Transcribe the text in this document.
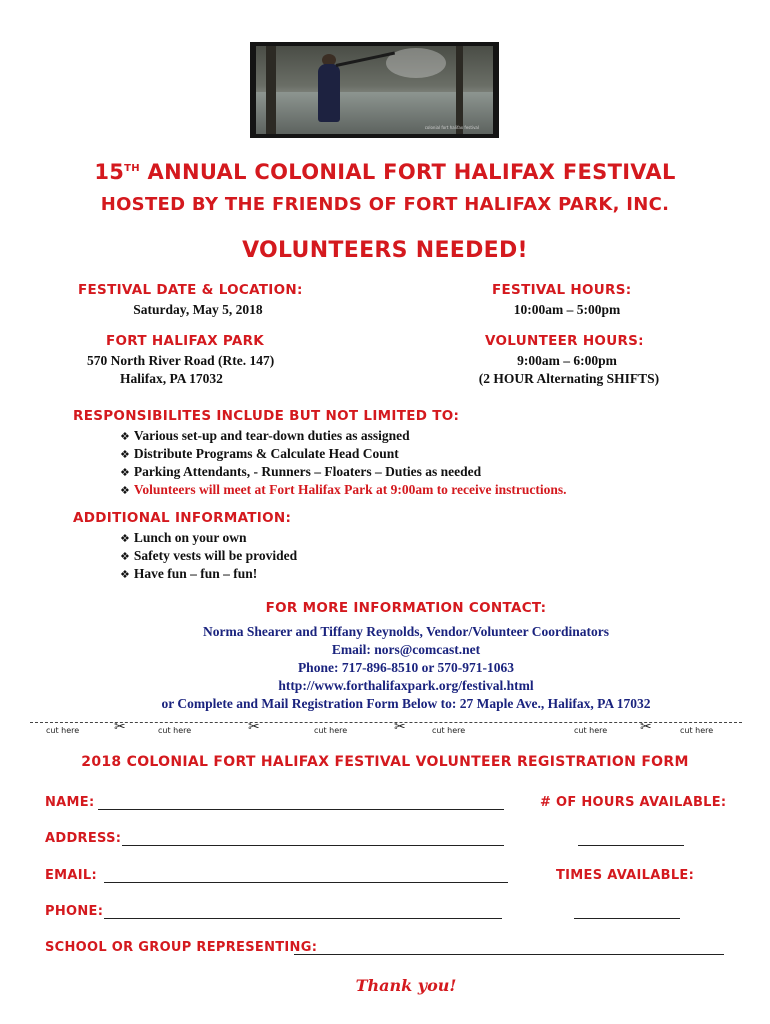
colonial fort halifax festival
15TH ANNUAL COLONIAL FORT HALIFAX FESTIVAL
HOSTED BY THE FRIENDS OF FORT HALIFAX PARK, INC.
VOLUNTEERS NEEDED!
FESTIVAL DATE & LOCATION:
Saturday, May 5, 2018
FESTIVAL HOURS:
10:00am – 5:00pm
FORT HALIFAX PARK
570 North River Road (Rte. 147)
Halifax, PA 17032
VOLUNTEER HOURS:
9:00am – 6:00pm
(2 HOUR Alternating SHIFTS)
RESPONSIBILITES INCLUDE BUT NOT LIMITED TO:
❖ Various set-up and tear-down duties as assigned
❖ Distribute Programs & Calculate Head Count
❖ Parking Attendants, - Runners – Floaters – Duties as needed
❖ Volunteers will meet at Fort Halifax Park at 9:00am to receive instructions.
ADDITIONAL INFORMATION:
❖ Lunch on your own
❖ Safety vests will be provided
❖ Have fun – fun – fun!
FOR MORE INFORMATION CONTACT:
Norma Shearer and Tiffany Reynolds, Vendor/Volunteer Coordinators
Email: nors@comcast.net
Phone: 717-896-8510 or 570-971-1063
http://www.forthalifaxpark.org/festival.html
or Complete and Mail Registration Form Below to: 27 Maple Ave., Halifax, PA 17032
cut here ✂	cut here	✂	cut here	✂	cut here	cut here ✂	cut here
2018 COLONIAL FORT HALIFAX FESTIVAL VOLUNTEER REGISTRATION FORM
NAME:	# OF HOURS AVAILABLE:
ADDRESS:
EMAIL:	TIMES AVAILABLE:
PHONE:
SCHOOL OR GROUP REPRESENTING:
Thank you!
